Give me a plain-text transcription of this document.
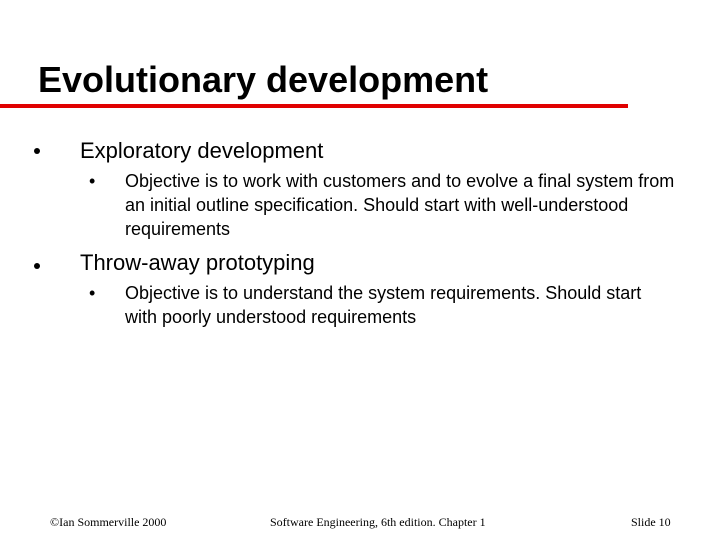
Evolutionary development
Exploratory development
• Objective is to work with customers and to evolve a final system from an initial outline specification. Should start with well-understood requirements
Throw-away prototyping
• Objective is to understand the system requirements. Should start with poorly understood requirements
©Ian Sommerville 2000	Software Engineering, 6th edition. Chapter 1	Slide 10
